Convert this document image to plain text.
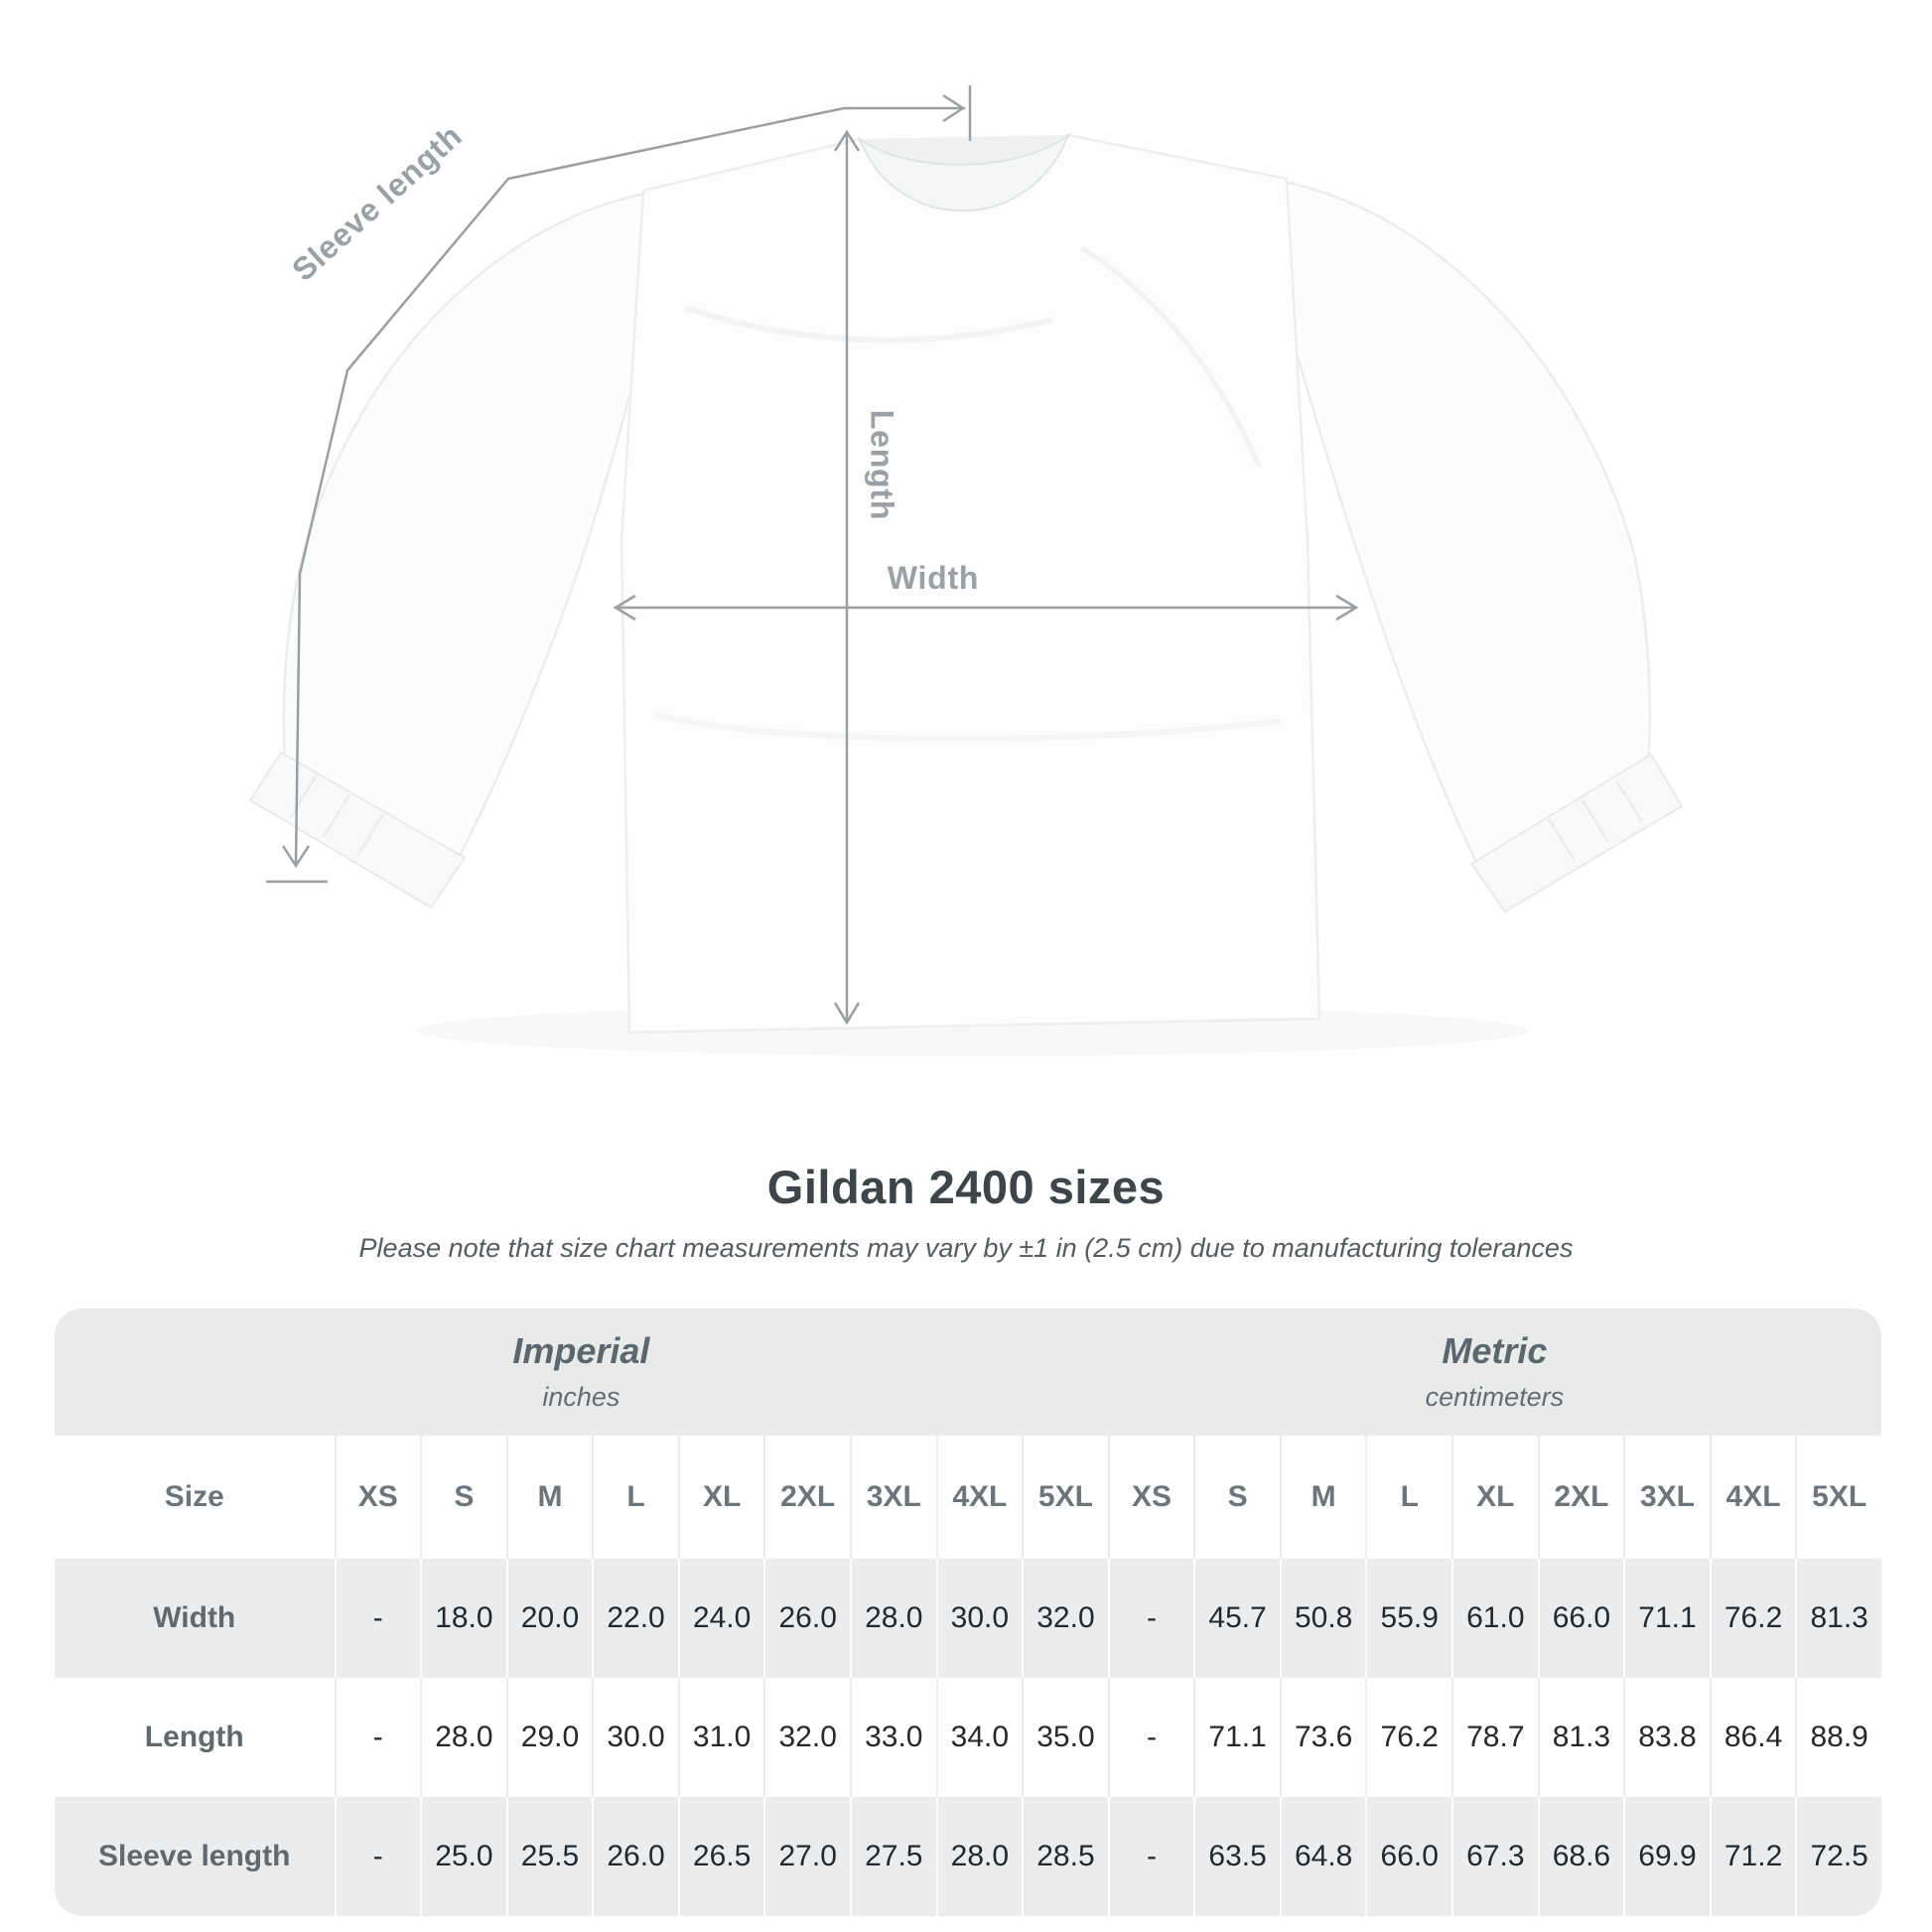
Sleeve length
Length
Width
Gildan 2400 sizes
Please note that size chart measurements may vary by ±1 in (2.5 cm) due to manufacturing tolerances
Imperial
inches

Metric
centimeters

Size	XS	S	M	L	XL	2XL	3XL	4XL	5XL	XS	S	M	L	XL	2XL	3XL	4XL	5XL
Width	-	18.0	20.0	22.0	24.0	26.0	28.0	30.0	32.0	-	45.7	50.8	55.9	61.0	66.0	71.1	76.2	81.3
Length	-	28.0	29.0	30.0	31.0	32.0	33.0	34.0	35.0	-	71.1	73.6	76.2	78.7	81.3	83.8	86.4	88.9
Sleeve length	-	25.0	25.5	26.0	26.5	27.0	27.5	28.0	28.5	-	63.5	64.8	66.0	67.3	68.6	69.9	71.2	72.5
